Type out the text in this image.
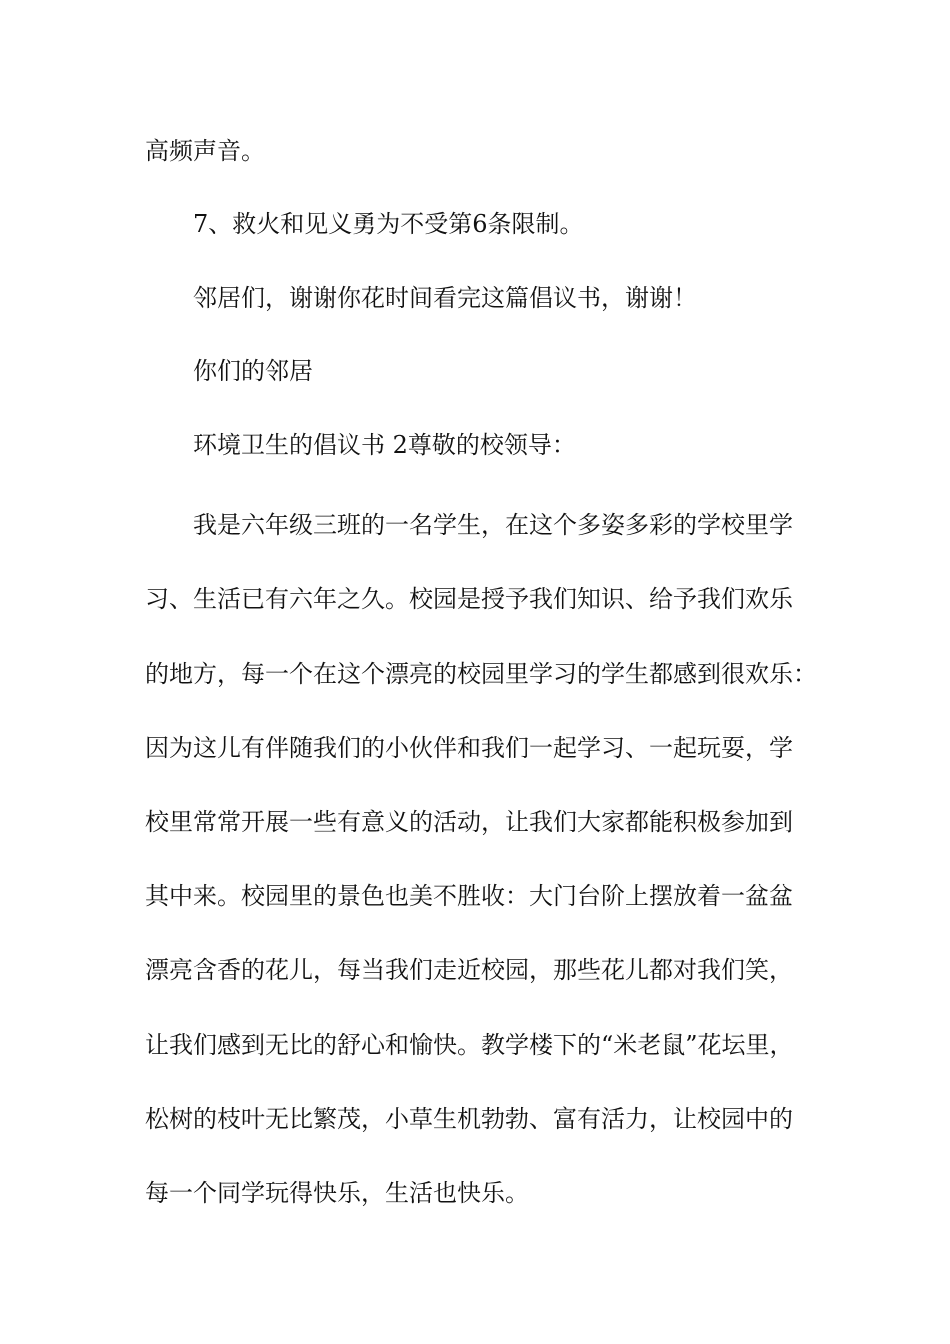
高频声音。
7、救火和见义勇为不受第6条限制。
邻居们，谢谢你花时间看完这篇倡议书，谢谢！
你们的邻居
环境卫生的倡议书 2尊敬的校领导：
我是六年级三班的一名学生，在这个多姿多彩的学校里学
习、生活已有六年之久。校园是授予我们知识、给予我们欢乐
的地方，每一个在这个漂亮的校园里学习的学生都感到很欢乐：
因为这儿有伴随我们的小伙伴和我们一起学习、一起玩耍，学
校里常常开展一些有意义的活动，让我们大家都能积极参加到
其中来。校园里的景色也美不胜收：大门台阶上摆放着一盆盆
漂亮含香的花儿，每当我们走近校园，那些花儿都对我们笑，
让我们感到无比的舒心和愉快。教学楼下的“米老鼠”花坛里，
松树的枝叶无比繁茂，小草生机勃勃、富有活力，让校园中的
每一个同学玩得快乐，生活也快乐。
